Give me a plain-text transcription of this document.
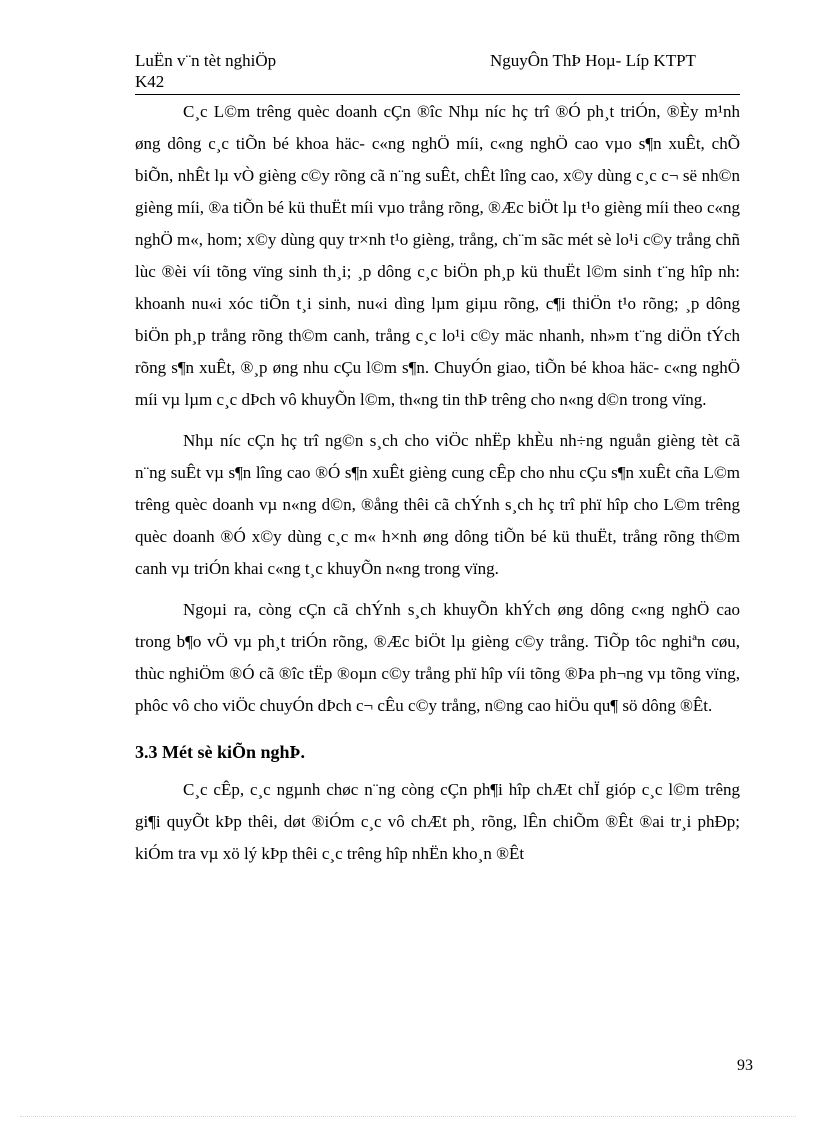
LuËn v¨n tèt nghiÖp
K42
NguyÔn ThÞ Hoµ- Líp KTPT

C¸c L©m trêng quèc doanh cÇn ®îc Nhµ níc hç trî ®Ó ph¸t triÓn, ®Èy m¹nh øng dông c¸c tiÕn bé khoa häc- c«ng nghÖ míi, c«ng nghÖ cao vµo s¶n xuÊt, chÕ biÕn, nhÊt lµ vÒ gièng c©y rõng cã n¨ng suÊt, chÊt lîng cao, x©y dùng c¸c c¬ së nh©n gièng míi, ®a tiÕn bé kü thuËt míi vµo trång rõng, ®Æc biÖt lµ t¹o gièng míi theo c«ng nghÖ m«, hom; x©y dùng quy tr×nh t¹o gièng, trång, ch¨m sãc mét sè lo¹i c©y trång chñ lùc ®èi víi tõng vïng sinh th¸i; ¸p dông c¸c biÖn ph¸p kü thuËt l©m sinh t¨ng hîp nh: khoanh nu«i xóc tiÕn t¸i sinh, nu«i dìng lµm giµu rõng, c¶i thiÖn t¹o rõng; ¸p dông biÖn ph¸p trång rõng th©m canh, trång c¸c lo¹i c©y mäc nhanh, nh»m t¨ng diÖn tÝch rõng s¶n xuÊt, ®¸p øng nhu cÇu l©m s¶n. ChuyÓn giao, tiÕn bé khoa häc- c«ng nghÖ míi vµ lµm c¸c dÞch vô khuyÕn l©m, th«ng tin thÞ trêng cho n«ng d©n trong vïng.

Nhµ níc cÇn hç trî ng©n s¸ch cho viÖc nhËp khÈu nh÷ng nguån gièng tèt cã n¨ng suÊt vµ s¶n lîng cao ®Ó s¶n xuÊt gièng cung cÊp cho nhu cÇu s¶n xuÊt cña L©m trêng quèc doanh vµ n«ng d©n, ®ång thêi cã chÝnh s¸ch hç trî phï hîp cho L©m trêng quèc doanh ®Ó x©y dùng c¸c m« h×nh øng dông tiÕn bé kü thuËt, trång rõng th©m canh vµ triÓn khai c«ng t¸c khuyÕn n«ng trong vïng.

Ngoµi ra, còng cÇn cã chÝnh s¸ch khuyÕn khÝch øng dông c«ng nghÖ cao trong b¶o vÖ vµ ph¸t triÓn rõng, ®Æc biÖt lµ gièng c©y trång. TiÕp tôc nghiªn cøu, thùc nghiÖm ®Ó cã ®îc tËp ®oµn c©y trång phï hîp víi tõng ®Þa ph¬ng vµ tõng vïng, phôc vô cho viÖc chuyÓn dÞch c¬ cÊu c©y trång, n©ng cao hiÖu qu¶ sö dông ®Êt.

3.3 Mét sè kiÕn nghÞ.

C¸c cÊp, c¸c ngµnh chøc n¨ng còng cÇn ph¶i hîp chÆt chÏ gióp c¸c l©m trêng gi¶i quyÕt kÞp thêi, døt ®iÓm c¸c vô chÆt ph¸ rõng, lÊn chiÕm ®Êt ®ai tr¸i phÐp; kiÓm tra vµ xö lý kÞp thêi c¸c trêng hîp nhËn kho¸n ®Êt

93
